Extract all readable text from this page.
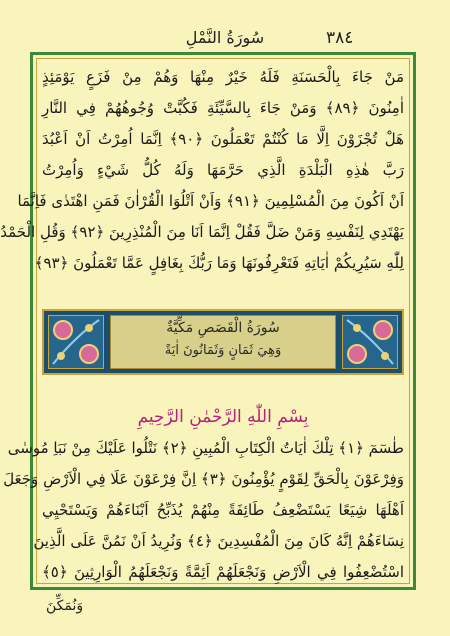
سُورَةُ النَّمْلِ	٣٨٤
مَنْ جَاءَ بِالْحَسَنَةِ فَلَهُ خَيْرٌ مِنْهَا وَهُمْ مِنْ فَزَعٍ يَوْمَئِذٍ
اٰمِنُونَ ﴿٨٩﴾ وَمَنْ جَاءَ بِالسَّيِّئَةِ فَكُبَّتْ وُجُوهُهُمْ فِي النَّارِ
هَلْ تُجْزَوْنَ اِلَّا مَا كُنْتُمْ تَعْمَلُونَ ﴿٩٠﴾ اِنَّمَا اُمِرْتُ اَنْ اَعْبُدَ
رَبَّ هٰذِهِ الْبَلْدَةِ الَّذِي حَرَّمَهَا وَلَهُ كُلُّ شَيْءٍ وَاُمِرْتُ
اَنْ اَكُونَ مِنَ الْمُسْلِمِينَ ﴿٩١﴾ وَاَنْ اَتْلُوَا الْقُرْاٰنَ فَمَنِ اهْتَدٰى فَاِنَّمَا
يَهْتَدِي لِنَفْسِهِ وَمَنْ ضَلَّ فَقُلْ اِنَّمَا اَنَا مِنَ الْمُنْذِرِينَ ﴿٩٢﴾ وَقُلِ الْحَمْدُ
لِلّٰهِ سَيُرِيكُمْ اٰيَاتِهِ فَتَعْرِفُونَهَا وَمَا رَبُّكَ بِغَافِلٍ عَمَّا تَعْمَلُونَ ﴿٩٣﴾
سُورَةُ الْقَصَصِ مَكِّيَّةٌ
وَهِيَ ثَمَانٍ وَثَمَانُونَ اٰيَةً
بِسْمِ اللّٰهِ الرَّحْمٰنِ الرَّحِيمِ
طٰسٓمٓ ﴿١﴾ تِلْكَ اٰيَاتُ الْكِتَابِ الْمُبِينِ ﴿٢﴾ نَتْلُوا عَلَيْكَ مِنْ نَبَاِ مُوسٰى
وَفِرْعَوْنَ بِالْحَقِّ لِقَوْمٍ يُؤْمِنُونَ ﴿٣﴾ اِنَّ فِرْعَوْنَ عَلَا فِي الْاَرْضِ وَجَعَلَ
اَهْلَهَا شِيَعًا يَسْتَضْعِفُ طَائِفَةً مِنْهُمْ يُذَبِّحُ اَبْنَاءَهُمْ وَيَسْتَحْيِي
نِسَاءَهُمْ اِنَّهُ كَانَ مِنَ الْمُفْسِدِينَ ﴿٤﴾ وَنُرِيدُ اَنْ نَمُنَّ عَلَى الَّذِينَ
اسْتُضْعِفُوا فِي الْاَرْضِ وَنَجْعَلَهُمْ اَئِمَّةً وَنَجْعَلَهُمُ الْوَارِثِينَ ﴿٥﴾
وَنُمَكِّنَ
